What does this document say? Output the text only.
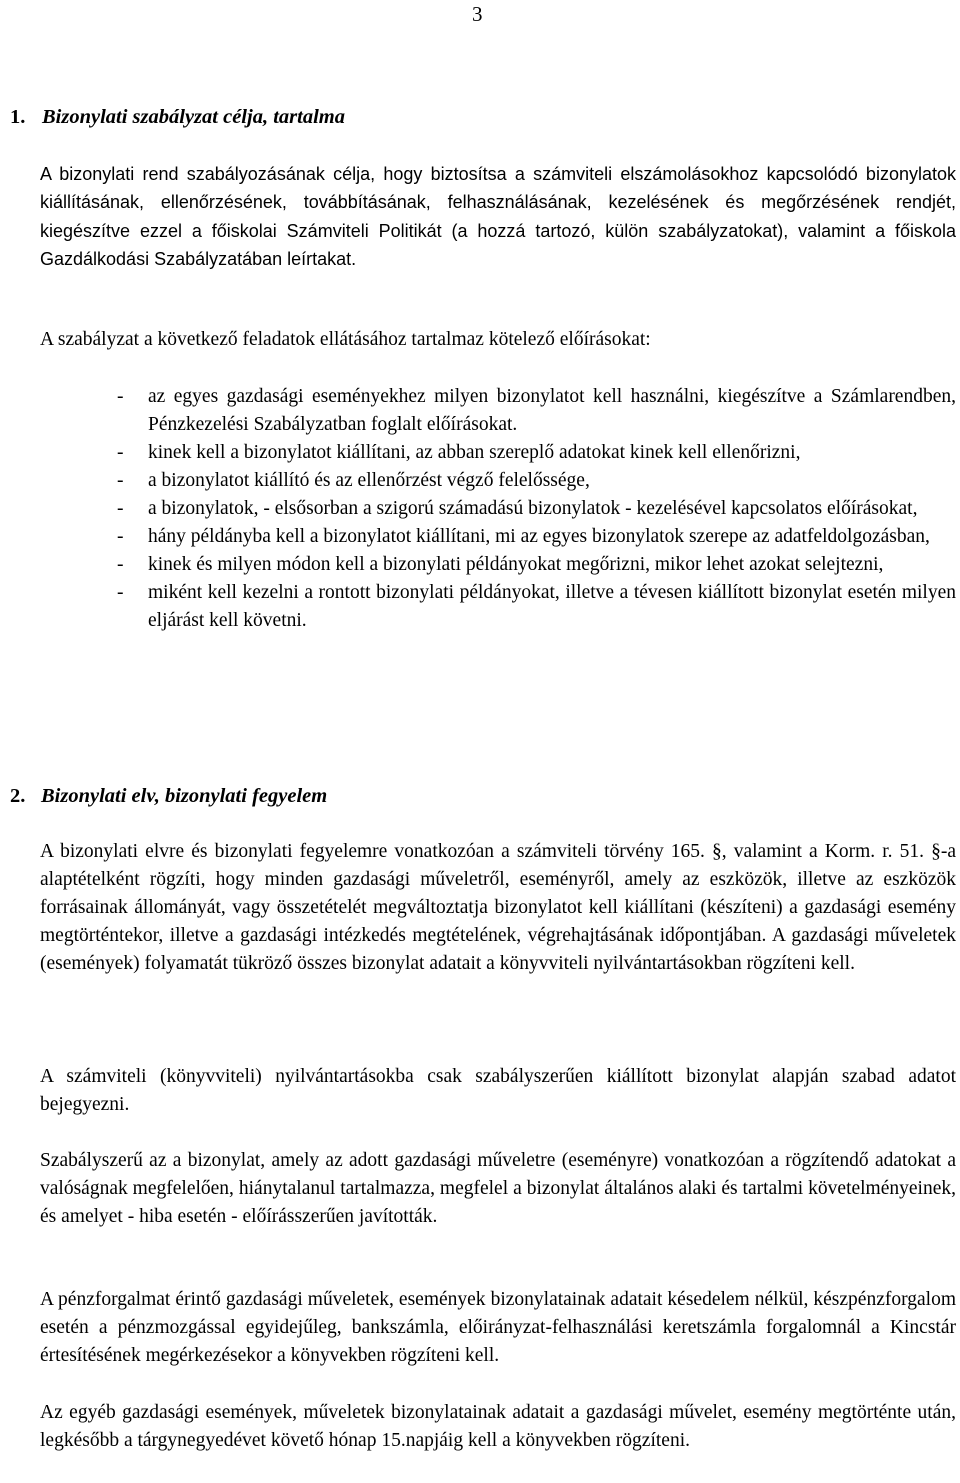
3
1. Bizonylati szabályzat célja, tartalma

A bizonylati rend szabályozásának célja, hogy biztosítsa a számviteli elszámolásokhoz kapcsolódó bizonylatok kiállításának, ellenőrzésének, továbbításának, felhasználásának, kezelésének és megőrzésének rendjét, kiegészítve ezzel a főiskolai Számviteli Politikát (a hozzá tartozó, külön szabályzatokat), valamint a főiskola Gazdálkodási Szabályzatában leírtakat.

A szabályzat a következő feladatok ellátásához tartalmaz kötelező előírásokat:

- az egyes gazdasági eseményekhez milyen bizonylatot kell használni, kiegészítve a Számlarendben, Pénzkezelési Szabályzatban foglalt előírásokat.
- kinek kell a bizonylatot kiállítani, az abban szereplő adatokat kinek kell ellenőrizni,
- a bizonylatot kiállító és az ellenőrzést végző felelőssége,
- a bizonylatok, - elsősorban a szigorú számadású bizonylatok - kezelésével kapcsolatos előírásokat,
- hány példányba kell a bizonylatot kiállítani, mi az egyes bizonylatok szerepe az adatfeldolgozásban,
- kinek és milyen módon kell a bizonylati példányokat megőrizni, mikor lehet azokat selejtezni,
- miként kell kezelni a rontott bizonylati példányokat, illetve a tévesen kiállított bizonylat esetén milyen eljárást kell követni.
2. Bizonylati elv, bizonylati fegyelem

A bizonylati elvre és bizonylati fegyelemre vonatkozóan a számviteli törvény 165. §, valamint a Korm. r. 51. §-a alaptételként rögzíti, hogy minden gazdasági műveletről, eseményről, amely az eszközök, illetve az eszközök forrásainak állományát, vagy összetételét megváltoztatja bizonylatot kell kiállítani (készíteni) a gazdasági esemény megtörténtekor, illetve a gazdasági intézkedés megtételének, végrehajtásának időpontjában. A gazdasági műveletek (események) folyamatát tükröző összes bizonylat adatait a könyvviteli nyilvántartásokban rögzíteni kell.

A számviteli (könyvviteli) nyilvántartásokba csak szabályszerűen kiállított bizonylat alapján szabad adatot bejegyezni.

Szabályszerű az a bizonylat, amely az adott gazdasági műveletre (eseményre) vonatkozóan a rögzítendő adatokat a valóságnak megfelelően, hiánytalanul tartalmazza, megfelel a bizonylat általános alaki és tartalmi követelményeinek, és amelyet - hiba esetén - előírásszerűen javították.

A pénzforgalmat érintő gazdasági műveletek, események bizonylatainak adatait késedelem nélkül, készpénzforgalom esetén a pénzmozgással egyidejűleg, bankszámla, előirányzat-felhasználási keretszámla forgalomnál a Kincstár értesítésének megérkezésekor a könyvekben rögzíteni kell.

Az egyéb gazdasági események, műveletek bizonylatainak adatait a gazdasági művelet, esemény megtörténte után, legkésőbb a tárgynegyedévet követő hónap 15.napjáig kell a könyvekben rögzíteni.
